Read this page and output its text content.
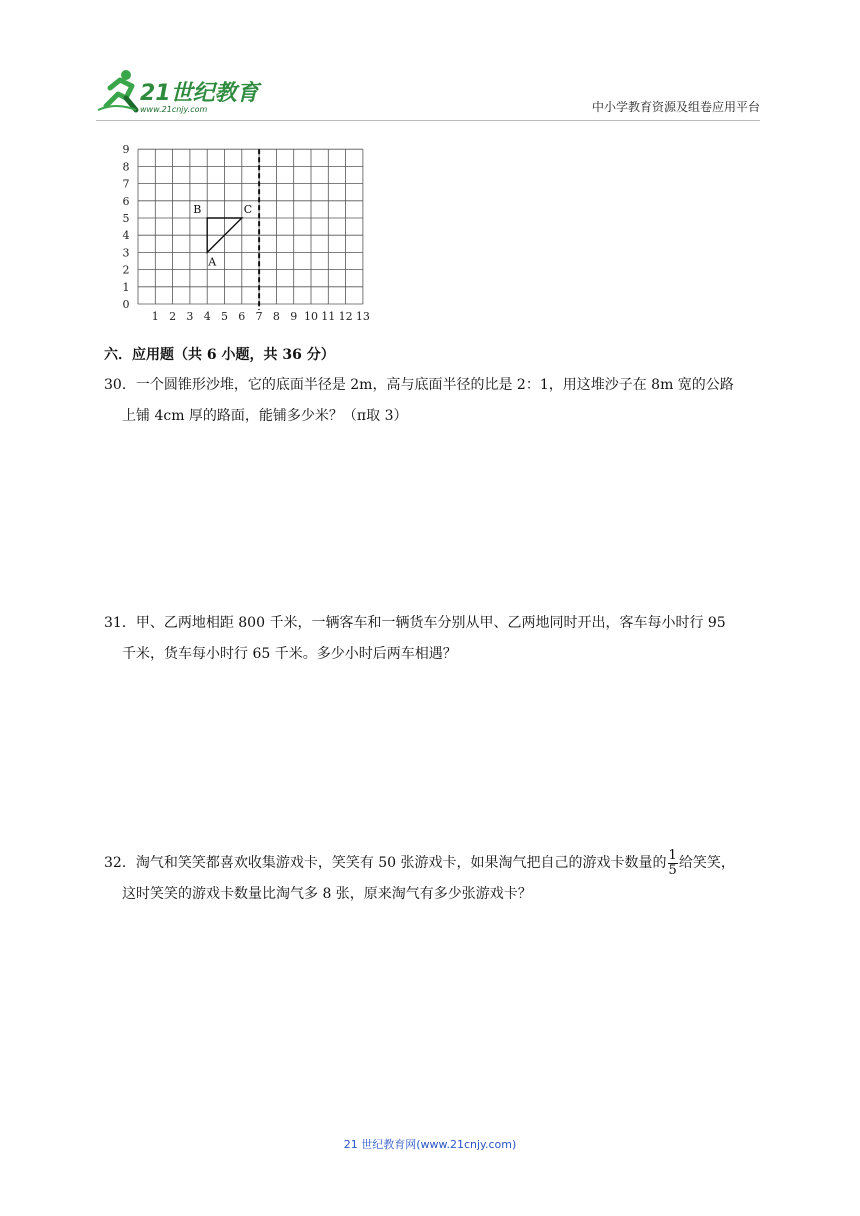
21世纪教育
www.21cnjy.com	中小学教育资源及组卷应用平台
1 2 3 4 5 6 7 8 9 10 11 12 13
0
1
2
3
4
5
6
7
8
9
A
B	C
六．应用题（共 6 小题，共 36 分）
30．一个圆锥形沙堆，它的底面半径是 2m，高与底面半径的比是 2：1，用这堆沙子在 8m 宽的公路
上铺 4cm 厚的路面，能铺多少米？（π取 3）
31．甲、乙两地相距 800 千米，一辆客车和一辆货车分别从甲、乙两地同时开出，客车每小时行 95
千米，货车每小时行 65 千米。多少小时后两车相遇？
32．淘气和笑笑都喜欢收集游戏卡，笑笑有 50 张游戏卡，如果淘气把自己的游戏卡数量的 $\frac{1}{5}$ 给笑笑，
这时笑笑的游戏卡数量比淘气多 8 张，原来淘气有多少张游戏卡？
21 世纪教育网(www.21cnjy.com)
